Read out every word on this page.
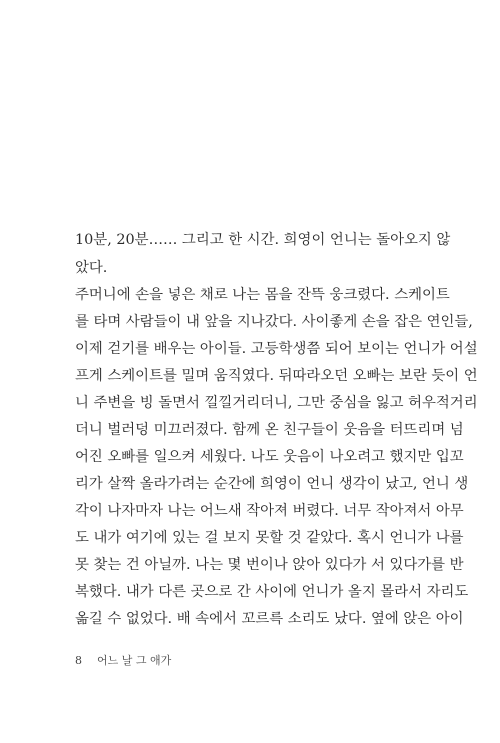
10분, 20분…… 그리고 한 시간. 희영이 언니는 돌아오지 않
았다.
주머니에 손을 넣은 채로 나는 몸을 잔뜩 웅크렸다. 스케이트
를 타며 사람들이 내 앞을 지나갔다. 사이좋게 손을 잡은 연인들,
이제 걷기를 배우는 아이들. 고등학생쯤 되어 보이는 언니가 어설
프게 스케이트를 밀며 움직였다. 뒤따라오던 오빠는 보란 듯이 언
니 주변을 빙 돌면서 낄낄거리더니, 그만 중심을 잃고 허우적거리
더니 벌러덩 미끄러졌다. 함께 온 친구들이 웃음을 터뜨리며 넘
어진 오빠를 일으켜 세웠다. 나도 웃음이 나오려고 했지만 입꼬
리가 살짝 올라가려는 순간에 희영이 언니 생각이 났고, 언니 생
각이 나자마자 나는 어느새 작아져 버렸다. 너무 작아져서 아무
도 내가 여기에 있는 걸 보지 못할 것 같았다. 혹시 언니가 나를
못 찾는 건 아닐까. 나는 몇 번이나 앉아 있다가 서 있다가를 반
복했다. 내가 다른 곳으로 간 사이에 언니가 올지 몰라서 자리도
옮길 수 없었다. 배 속에서 꼬르륵 소리도 났다. 옆에 앉은 아이
8 어느 날 그 애가
